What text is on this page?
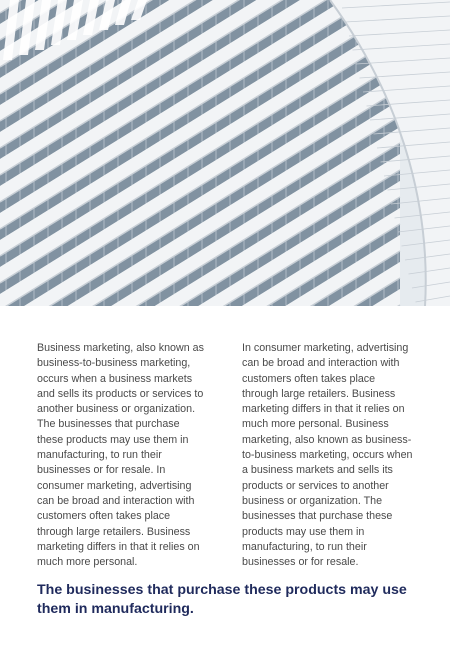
Business marketing, also known as business-to-business marketing, occurs when a business markets and sells its products or services to another business or organization. The businesses that purchase these products may use them in manufacturing, to run their businesses or for resale. In consumer marketing, advertising can be broad and interaction with customers often takes place through large retailers. Business marketing differs in that it relies on much more personal.

In consumer marketing, advertising can be broad and interaction with customers often takes place through large retailers. Business marketing differs in that it relies on much more personal. Business marketing, also known as business-to-business marketing, occurs when a business markets and sells its products or services to another business or organization. The businesses that purchase these products may use them in manufacturing, to run their businesses or for resale.

The businesses that purchase these products may use them in manufacturing.
